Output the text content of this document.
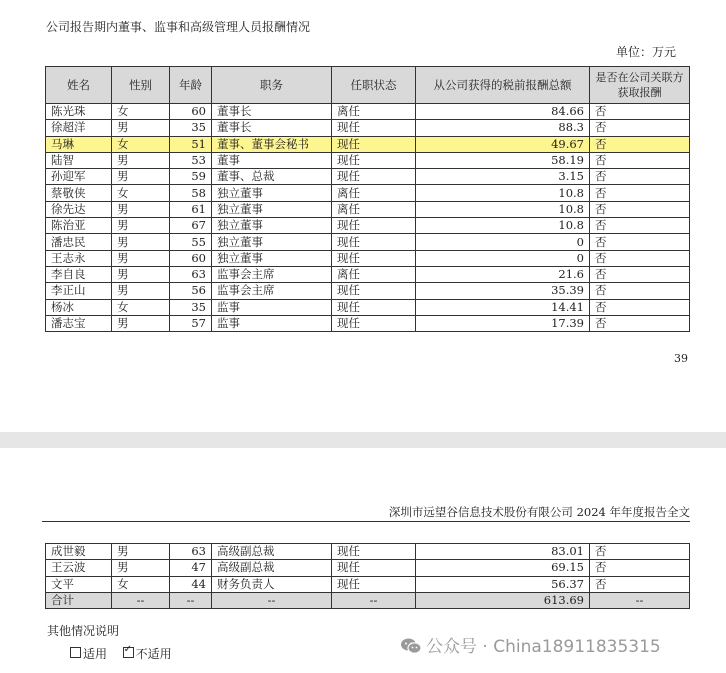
公司报告期内董事、监事和高级管理人员报酬情况
单位：万元
姓名	性别	年龄	职务	任职状态	从公司获得的税前报酬总额	是否在公司关联方获取报酬
陈光珠	女	60	董事长	离任	84.66	否
徐超洋	男	35	董事长	现任	88.3	否
马琳	女	51	董事、董事会秘书	现任	49.67	否
陆智	男	53	董事	现任	58.19	否
孙迎军	男	59	董事、总裁	现任	3.15	否
蔡敬侠	女	58	独立董事	离任	10.8	否
徐先达	男	61	独立董事	离任	10.8	否
陈治亚	男	67	独立董事	现任	10.8	否
潘忠民	男	55	独立董事	现任	0	否
王志永	男	60	独立董事	现任	0	否
李自良	男	63	监事会主席	离任	21.6	否
李正山	男	56	监事会主席	现任	35.39	否
杨冰	女	35	监事	现任	14.41	否
潘志宝	男	57	监事	现任	17.39	否
39
深圳市远望谷信息技术股份有限公司 2024 年年度报告全文
成世毅	男	63	高级副总裁	现任	83.01	否
王云波	男	47	高级副总裁	现任	69.15	否
文平	女	44	财务负责人	现任	56.37	否
合计	--	--	--	--	613.69	--
其他情况说明
适用 ✓ 不适用	公众号 · China18911835315
